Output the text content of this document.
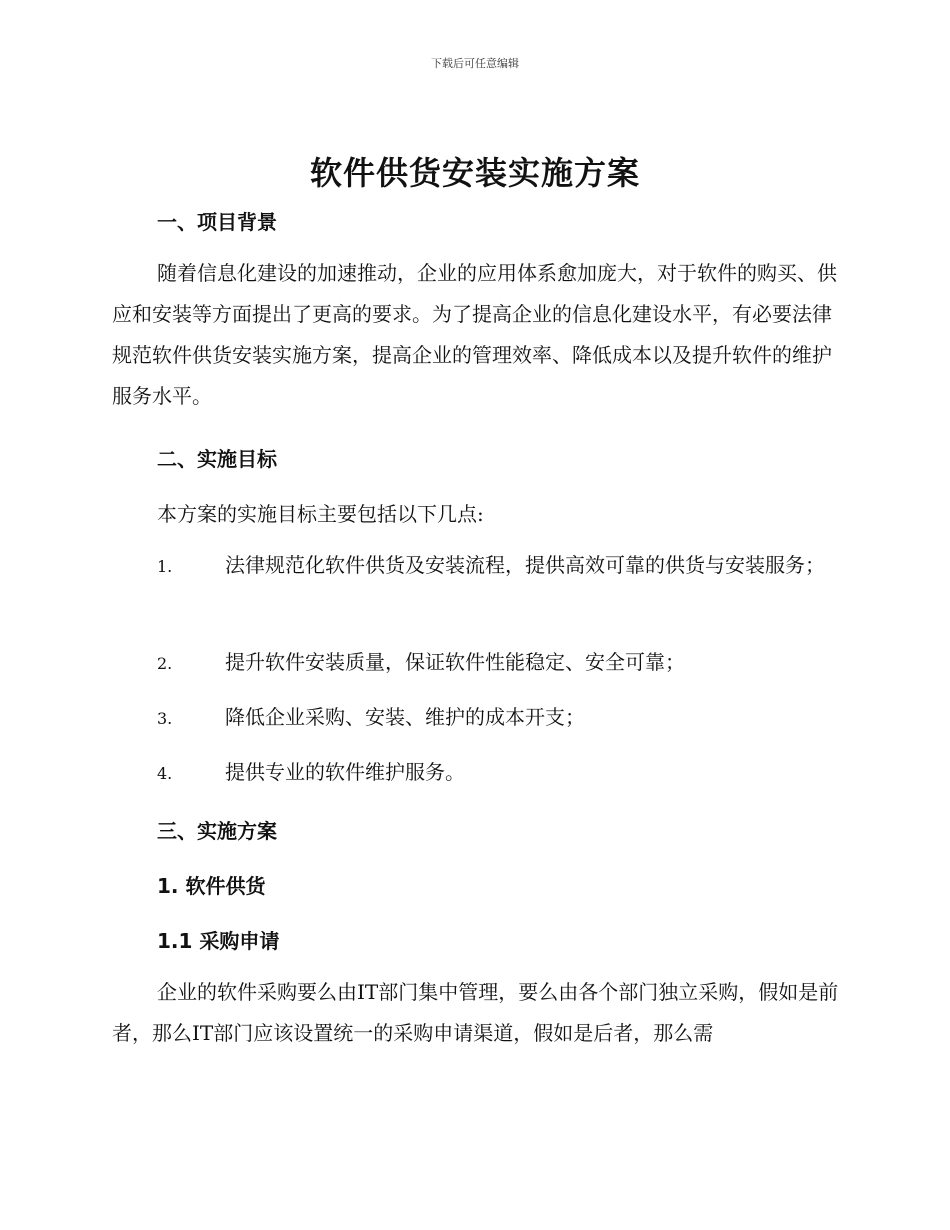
下载后可任意编辑
软件供货安装实施方案
一、项目背景

随着信息化建设的加速推动，企业的应用体系愈加庞大，对于软件的购买、供应和安装等方面提出了更高的要求。为了提高企业的信息化建设水平，有必要法律规范软件供货安装实施方案，提高企业的管理效率、降低成本以及提升软件的维护服务水平。

二、实施目标
本方案的实施目标主要包括以下几点:
1.	法律规范化软件供货及安装流程，提供高效可靠的供货与安装服务；
2.	提升软件安装质量，保证软件性能稳定、安全可靠；
3.	降低企业采购、安装、维护的成本开支；
4.	提供专业的软件维护服务。
三、实施方案
1. 软件供货
1.1 采购申请

企业的软件采购要么由IT部门集中管理，要么由各个部门独立采购，假如是前者，那么IT部门应该设置统一的采购申请渠道，假如是后者，那么需
